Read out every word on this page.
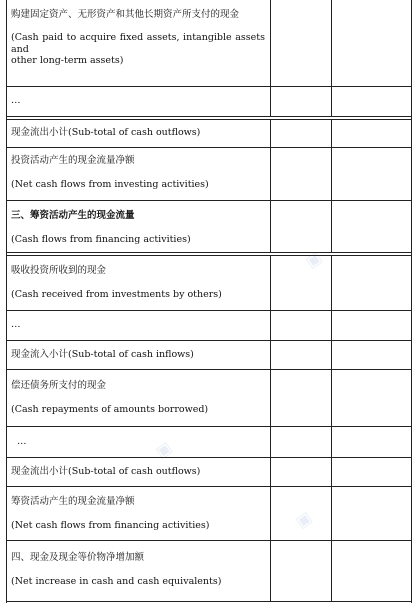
购建固定资产、无形资产和其他长期资产所支付的现金
(Cash paid to acquire fixed assets, intangible assets and
other long-term assets)
…
现金流出小计(Sub-total of cash outflows)
投资活动产生的现金流量净额
(Net cash flows from investing activities)
三、筹资活动产生的现金流量
(Cash flows from financing activities)
吸收投资所收到的现金
(Cash received from investments by others)
…
现金流入小计(Sub-total of cash inflows)
偿还债务所支付的现金
(Cash repayments of amounts borrowed)
…
现金流出小计(Sub-total of cash outflows)
筹资活动产生的现金流量净额
(Net cash flows from financing activities)
四、现金及现金等价物净增加额
(Net increase in cash and cash equivalents)
▣
▣
▣
